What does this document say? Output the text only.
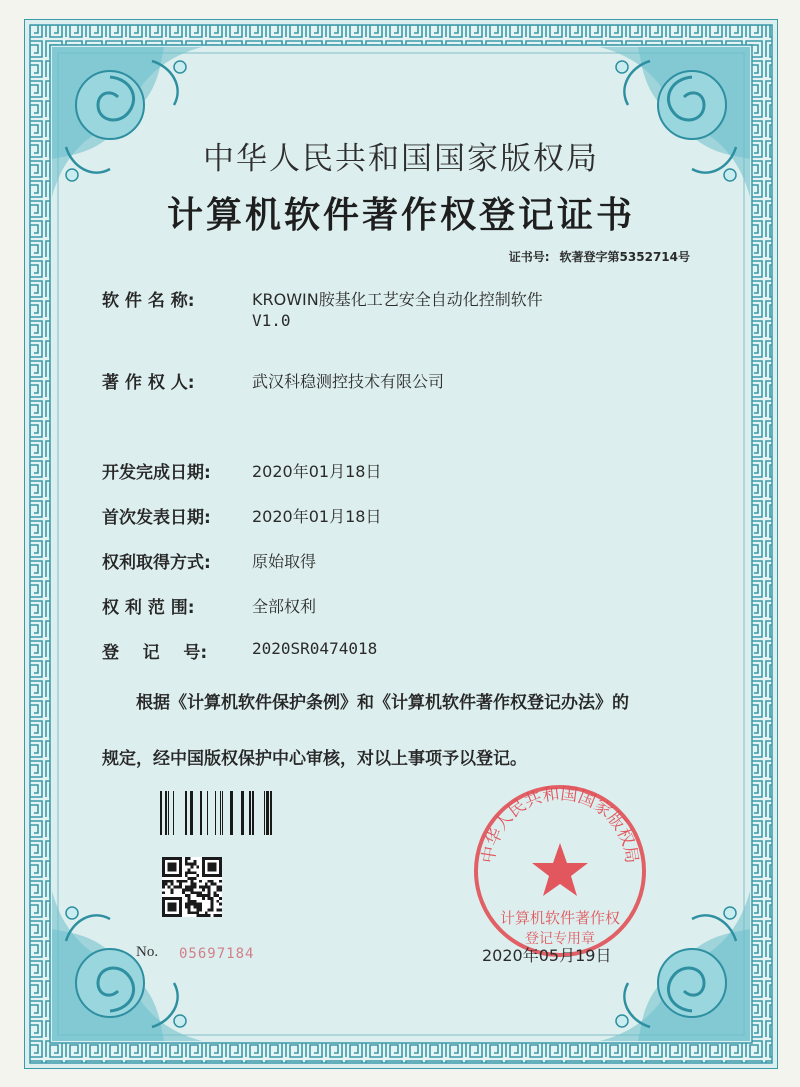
中华人民共和国国家版权局
计算机软件著作权登记证书
证书号: 软著登字第5352714号
软 件 名 称:	KROWIN胺基化工艺安全自动化控制软件
V1.0
著 作 权 人:	武汉科稳测控技术有限公司
开发完成日期:	2020年01月18日
首次发表日期:	2020年01月18日
权利取得方式:	原始取得
权 利 范 围:	全部权利
登    记    号:	2020SR0474018

根据《计算机软件保护条例》和《计算机软件著作权登记办法》的

规定，经中国版权保护中心审核，对以上事项予以登记。

中华人民共和国国家版权局
计算机软件著作权
登记专用章
No. 05697184	2020年05月19日
